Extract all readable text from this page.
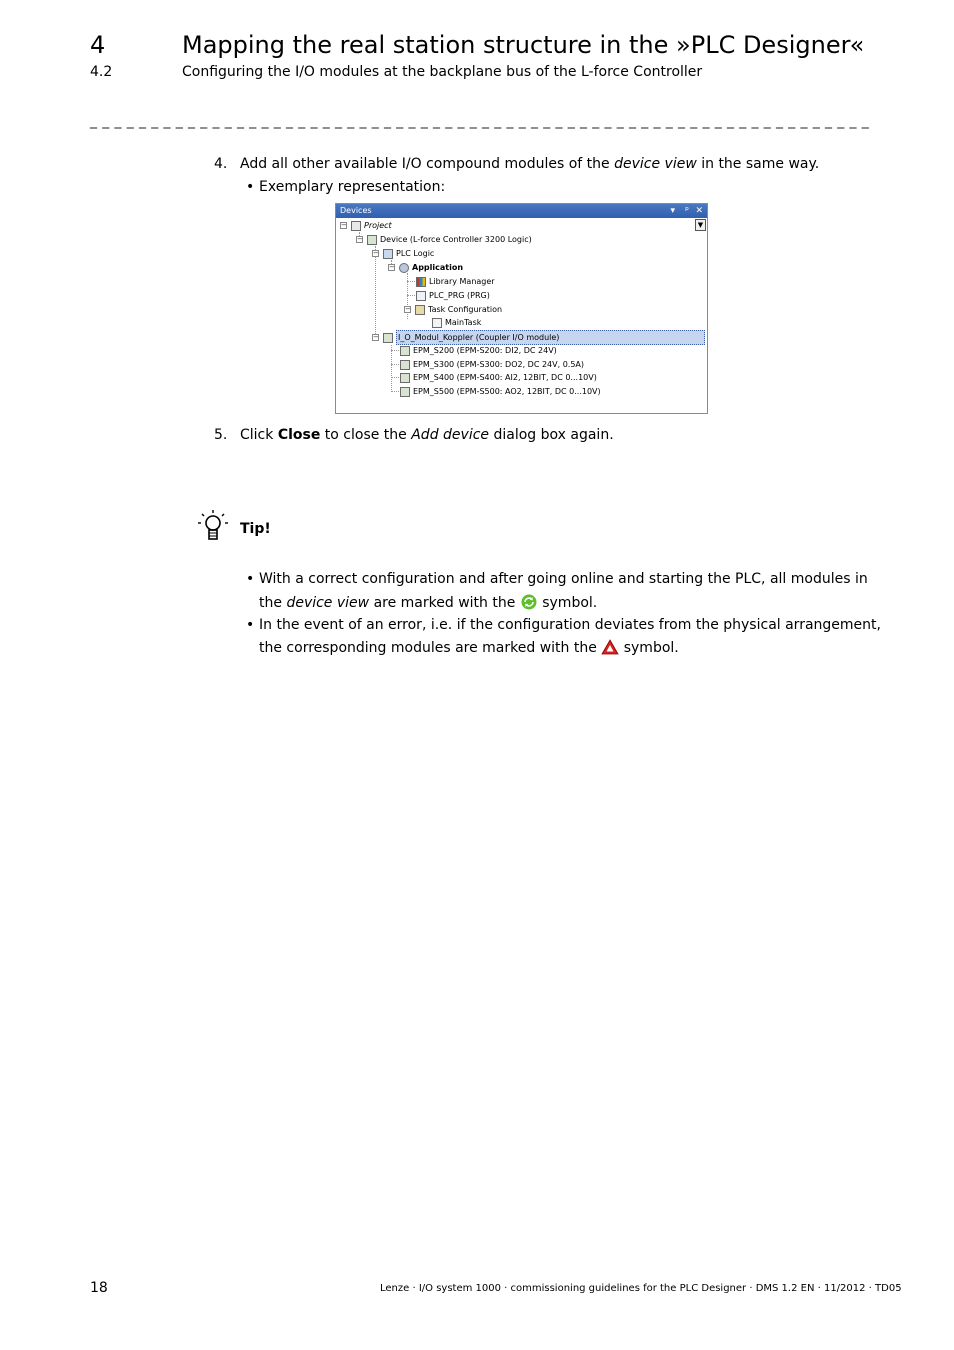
4	Mapping the real station structure in the »PLC Designer«
4.2	Configuring the I/O modules at the backplane bus of the L-force Controller
_ _ _ _ _ _ _ _ _ _ _ _ _ _ _ _ _ _ _ _ _ _ _ _ _ _ _ _ _ _ _ _ _ _ _ _ _ _ _ _ _ _ _ _ _ _ _ _ _ _ _ _ _ _ _ _ _ _ _ _ _ _ _ _
4. Add all other available I/O compound modules of the device view in the same way.
• Exemplary representation:
Devices	▾ ᵖ ✕
▼
− Project
− Device (L-force Controller 3200 Logic)
− PLC Logic
− Application
Library Manager
PLC_PRG (PRG)
− Task Configuration
MainTask
− I_O_Modul_Koppler (Coupler I/O module)
EPM_S200 (EPM-S200: DI2, DC 24V)
EPM_S300 (EPM-S300: DO2, DC 24V, 0.5A)
EPM_S400 (EPM-S400: AI2, 12BIT, DC 0...10V)
EPM_S500 (EPM-S500: AO2, 12BIT, DC 0...10V)
5. Click Close to close the Add device dialog box again.
Tip!
• With a correct configuration and after going online and starting the PLC, all modules in
the device view are marked with the  symbol.
• In the event of an error, i.e. if the configuration deviates from the physical arrangement,
the corresponding modules are marked with the  symbol.
18	Lenze · I/O system 1000 · commissioning guidelines for the PLC Designer · DMS 1.2 EN · 11/2012 · TD05
